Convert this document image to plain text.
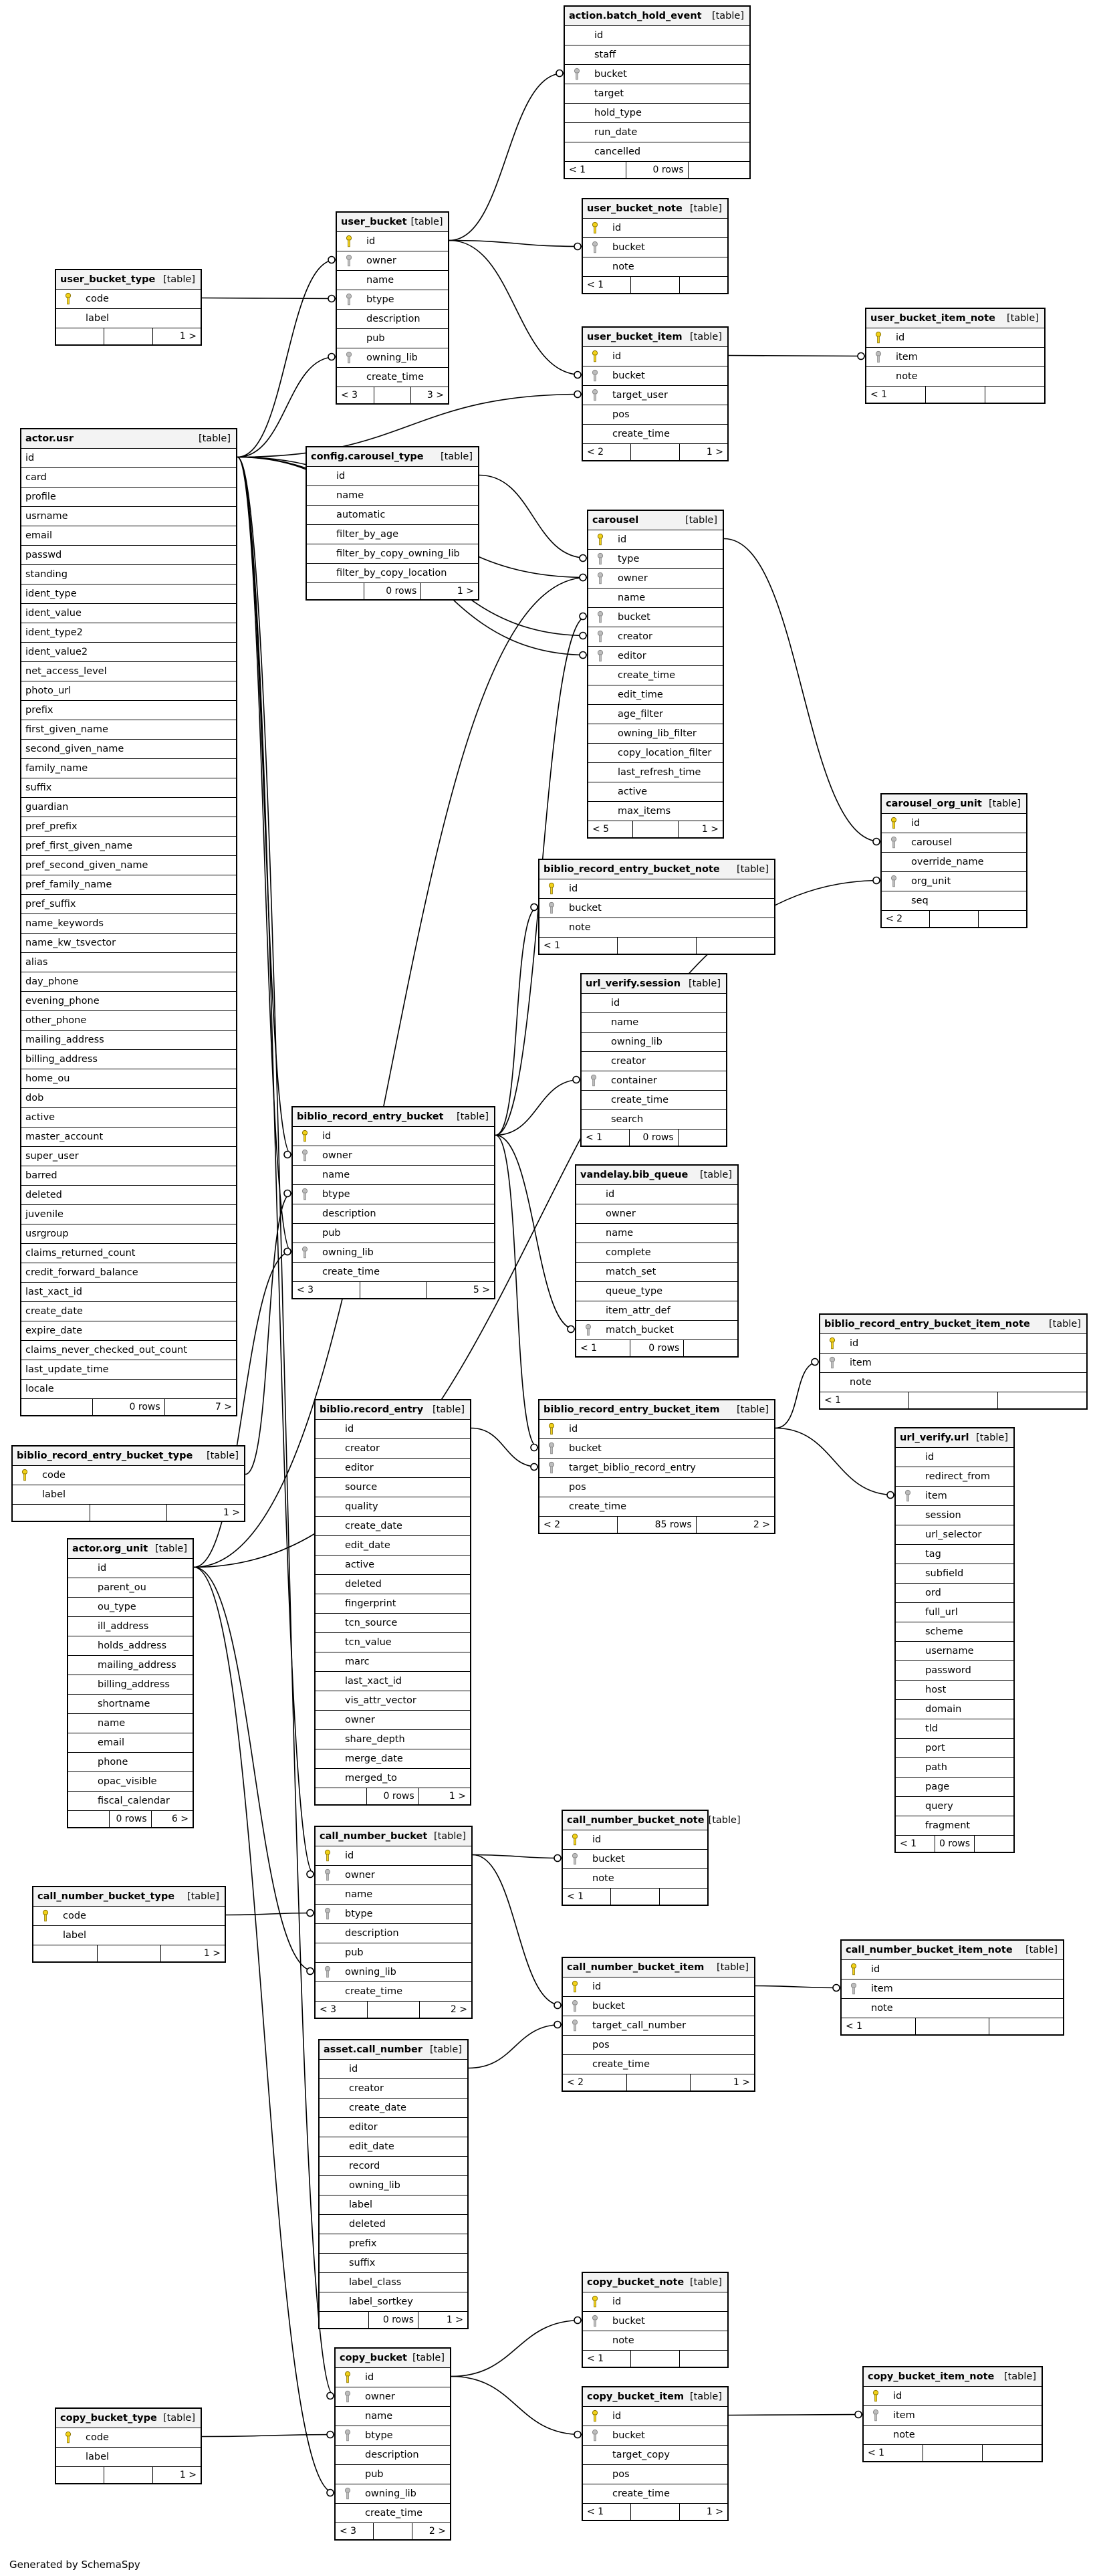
action.batch_hold_event [table]
id
staff
bucket
target
hold_type
run_date
cancelled
< 1	0 rows
user_bucket [table]
id
owner
name
btype
description
pub
owning_lib
create_time
< 3	3 >
user_bucket_note [table]
id
bucket
note
< 1
user_bucket_type [table]
code
label
1 >	user_bucket_item [table]
id
bucket
target_user
pos
create_time
< 2	1 >
user_bucket_item_note [table]
id
item
note
< 1
actor.usr	[table]
id
card
profile
usrname
email
passwd
standing
ident_type
ident_value
ident_type2
ident_value2
net_access_level
photo_url
prefix
first_given_name
second_given_name
family_name
suffix
guardian
pref_prefix
pref_first_given_name
pref_second_given_name
pref_family_name
pref_suffix
name_keywords
name_kw_tsvector
alias
day_phone
evening_phone
other_phone
mailing_address
billing_address
home_ou
dob
active
master_account
super_user
barred
deleted
juvenile
usrgroup
claims_returned_count
credit_forward_balance
last_xact_id
create_date
expire_date
claims_never_checked_out_count
last_update_time
locale
0 rows	7 >
config.carousel_type [table]
id
name
automatic
filter_by_age
filter_by_copy_owning_lib
filter_by_copy_location
0 rows	1 >
carousel	[table]
id
type
owner
name
bucket
creator
editor
create_time
edit_time
age_filter
owning_lib_filter
copy_location_filter
last_refresh_time
active
max_items
< 5	1 >
carousel_org_unit [table]
id
carousel
override_name
org_unit
seq
< 2
biblio_record_entry_bucket_note [table]
id
bucket
note
< 1
url_verify.session [table]
id
name
owning_lib
creator
container
create_time
search
< 1	0 rows
biblio_record_entry_bucket [table]
id
owner
name
btype
description
pub
owning_lib
create_time
< 3	5 >
vandelay.bib_queue [table]
id
owner
name
complete
match_set
queue_type
item_attr_def
match_bucket
< 1	0 rows
biblio_record_entry_bucket_item_note [table]
id
item
note
< 1
biblio_record_entry_bucket_type [table]
code
label
1 >
biblio.record_entry [table]
id
creator
editor
source
quality
create_date
edit_date
active
deleted
fingerprint
tcn_source
tcn_value
marc
last_xact_id
vis_attr_vector
owner
share_depth
merge_date
merged_to
0 rows	1 >
biblio_record_entry_bucket_item [table]
id
bucket
target_biblio_record_entry
pos
create_time
< 2	85 rows	2 >
url_verify.url [table]
id
redirect_from
item
session
url_selector
tag
subfield
ord
full_url
scheme
username
password
host
domain
tld
port
path
page
query
fragment
< 1	0 rows
actor.org_unit [table]
id
parent_ou
ou_type
ill_address
holds_address
mailing_address
billing_address
shortname
name
email
phone
opac_visible
fiscal_calendar
0 rows	6 >	call_number_bucket_note [table]
id
bucket
note
< 1
call_number_bucket [table]
id
owner
name
btype
description
pub
owning_lib
create_time
< 3	2 >
call_number_bucket_type [table]
code
label
1 >
call_number_bucket_item [table]
id
bucket
target_call_number
pos
create_time
< 2	1 >
call_number_bucket_item_note [table]
id
item
note
< 1
asset.call_number [table]
id
creator
create_date
editor
edit_date
record
owning_lib
label
deleted
prefix
suffix
label_class
label_sortkey
0 rows	1 >
copy_bucket_note [table]
id
bucket
note
< 1
copy_bucket [table]
id
owner
name
btype
description
pub
owning_lib
create_time
< 3	2 >
copy_bucket_item [table]
id
bucket
target_copy
pos
create_time
< 1	1 >
copy_bucket_item_note [table]
id
item
note
< 1
copy_bucket_type [table]
code
label
1 >
Generated by SchemaSpy
